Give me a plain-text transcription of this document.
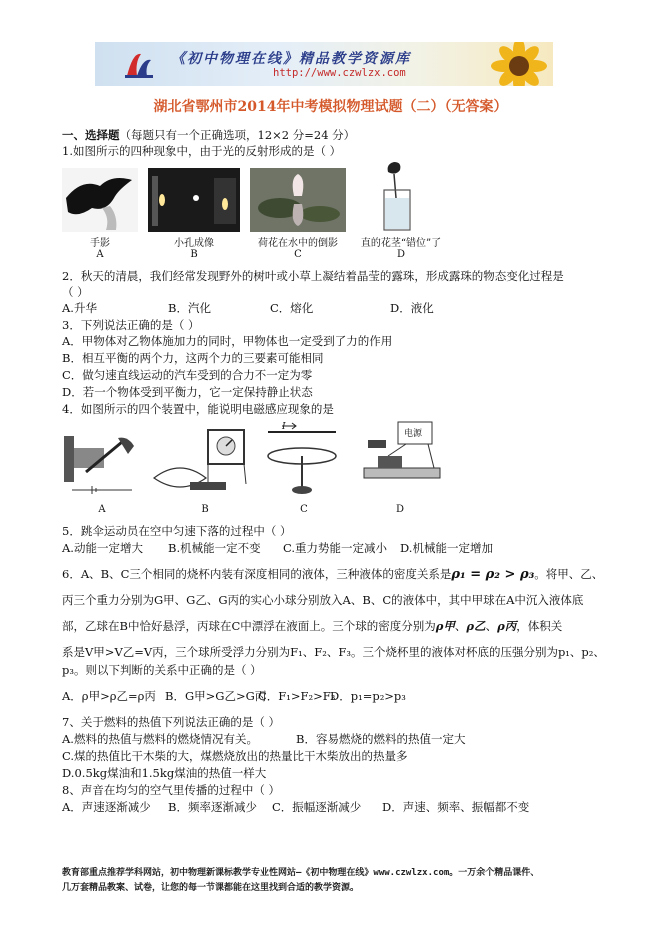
《初中物理在线》精品教学资源库
http://www.czwlzx.com
湖北省鄂州市2014年中考模拟物理试题（二）（无答案）
一、选择题（每题只有一个正确选项，12×2 分=24 分）
1.如图所示的四种现象中，由于光的反射形成的是（ ）
手影
A
小孔成像
B
荷花在水中的倒影
C
直的花茎“错位”了
D
2．秋天的清晨，我们经常发现野外的树叶或小草上凝结着晶莹的露珠，形成露珠的物态变化过程是
（ ）
A.升华	B．汽化	C．熔化	D．液化
3．下列说法正确的是（ ）
A．甲物体对乙物体施加力的同时，甲物体也一定受到了力的作用
B．相互平衡的两个力，这两个力的三要素可能相同
C．做匀速直线运动的汽车受到的合力不一定为零
D．若一个物体受到平衡力，它一定保持静止状态
4．如图所示的四个装置中，能说明电磁感应现象的是
A	B
I
C
电源
D
5．跳伞运动员在空中匀速下落的过程中（ ）
A.动能一定增大 B.机械能一定不变 C.重力势能一定减小 D.机械能一定增加
6．A、B、C三个相同的烧杯内装有深度相同的液体，三种液体的密度关系是ρ₁ = ρ₂ > ρ₃。将甲、乙、
丙三个重力分别为G甲、G乙、G丙的实心小球分别放入A、B、C的液体中，其中甲球在A中沉入液体底
部，乙球在B中恰好悬浮，丙球在C中漂浮在液面上。三个球的密度分别为ρ甲、ρ乙、ρ丙，体积关
系是V甲>V乙=V丙，三个球所受浮力分别为F₁、F₂、F₃。三个烧杯里的液体对杯底的压强分别为p₁、p₂、
p₃。则以下判断的关系中正确的是（ ）
A．ρ甲>ρ乙=ρ丙 B．G甲>G乙>G丙
C．F₁>F₂>F₃
D．p₁=p₂>p₃
7、关于燃料的热值下列说法正确的是（ ）
A.燃料的热值与燃料的燃烧情况有关。	B．容易燃烧的燃料的热值一定大
C.煤的热值比干木柴的大，煤燃烧放出的热量比干木柴放出的热量多
D.0.5kg煤油和1.5kg煤油的热值一样大
8、声音在均匀的空气里传播的过程中（ ）
A．声速逐渐减少 B．频率逐渐减少 C．振幅逐渐减少 D．声速、频率、振幅都不变
教育部重点推荐学科网站，初中物理新课标教学专业性网站—《初中物理在线》www.czwlzx.com。一万余个精品课件、
几万套精品教案、试卷，让您的每一节课都能在这里找到合适的教学资源。
